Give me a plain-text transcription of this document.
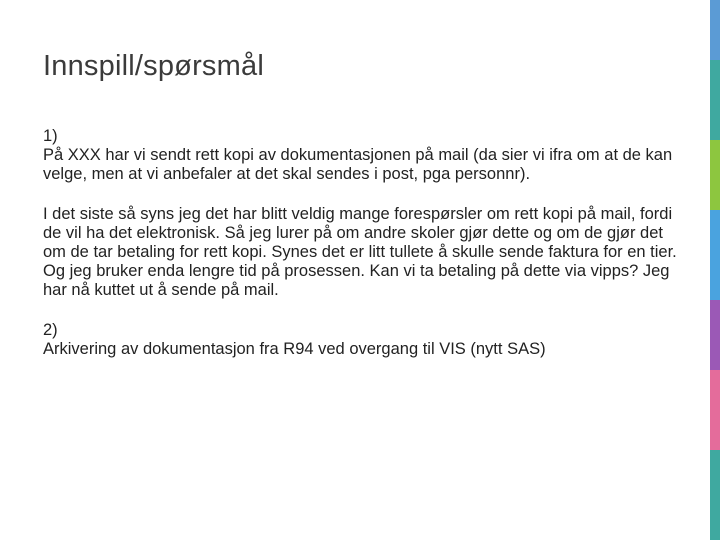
Innspill/spørsmål
1)
På XXX har vi sendt rett kopi av dokumentasjonen på mail (da sier vi ifra om at de kan velge, men at vi anbefaler at det skal sendes i post, pga personnr).
I det siste så syns jeg det har blitt veldig mange forespørsler om rett kopi på mail, fordi de vil ha det elektronisk. Så jeg lurer på om andre skoler gjør dette og om de gjør det om de tar betaling for rett kopi. Synes det er litt tullete å skulle sende faktura for en tier. Og jeg bruker enda lengre tid på prosessen. Kan vi ta betaling på dette via vipps? Jeg har nå kuttet ut å sende på mail.
2)
Arkivering av dokumentasjon fra R94 ved overgang til VIS (nytt SAS)
